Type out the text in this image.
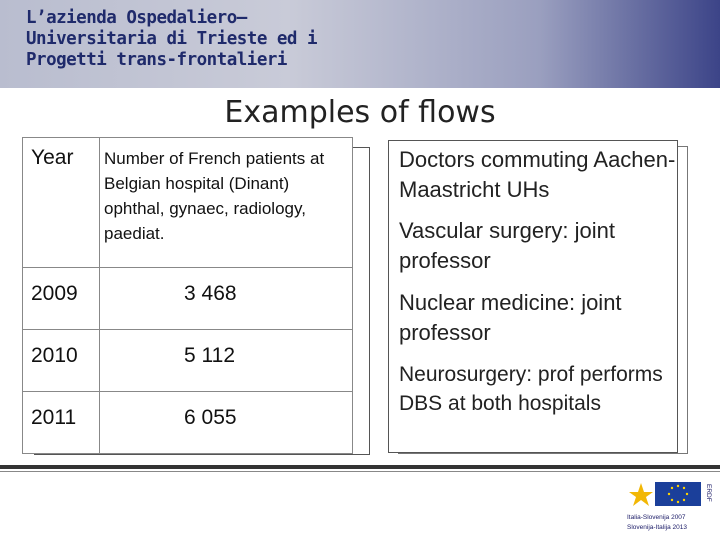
L’azienda Ospedaliero–
Universitaria di Trieste ed i
Progetti trans-frontalieri
Examples of flows
Year	Number of French patients at Belgian hospital (Dinant) ophthal, gynaec, radiology, paediat.

2009	3 468

2010	5 112

2011	6 055
Doctors commuting Aachen-Maastricht UHs
Vascular surgery: joint professor
Nuclear medicine: joint professor
Neurosurgery: prof performs DBS at both hospitals
Italia-Slovenija 2007
Slovenija-Italija 2013
ERDF
